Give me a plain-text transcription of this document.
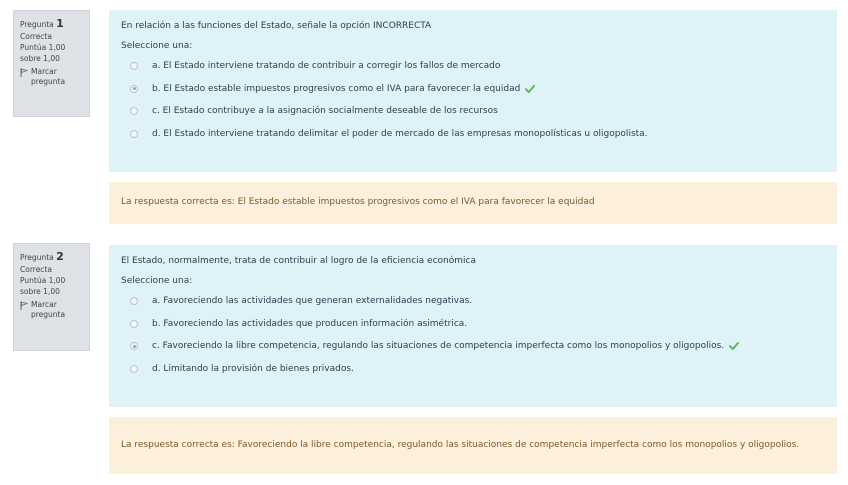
Pregunta 1
Correcta
Puntúa 1,00 sobre 1,00
Marcar pregunta
En relación a las funciones del Estado, señale la opción INCORRECTA
Seleccione una:
a. El Estado interviene tratando de contribuir a corregir los fallos de mercado
b. El Estado estable impuestos progresivos como el IVA para favorecer la equidad
c. El Estado contribuye a la asignación socialmente deseable de los recursos
d. El Estado interviene tratando delimitar el poder de mercado de las empresas monopolísticas u oligopolista.
La respuesta correcta es: El Estado estable impuestos progresivos como el IVA para favorecer la equidad
Pregunta 2
Correcta
Puntúa 1,00 sobre 1,00
Marcar pregunta
El Estado, normalmente, trata de contribuir al logro de la eficiencia económica
Seleccione una:
a. Favoreciendo las actividades que generan externalidades negativas.
b. Favoreciendo las actividades que producen información asimétrica.
c. Favoreciendo la libre competencia, regulando las situaciones de competencia imperfecta como los monopolios y oligopolios.
d. Limitando la provisión de bienes privados.
La respuesta correcta es: Favoreciendo la libre competencia, regulando las situaciones de competencia imperfecta como los monopolios y oligopolios.
